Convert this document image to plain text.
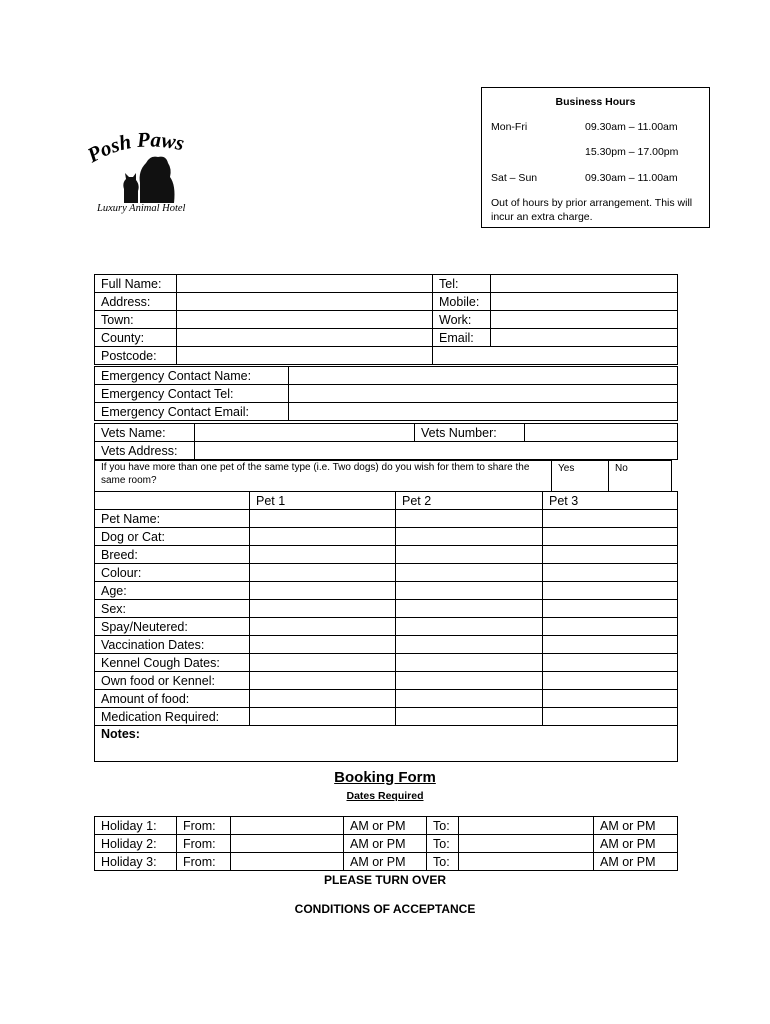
osh Paws
Luxury Animal Hotel
Business Hours
Mon-Fri	09.30am – 11.00am
15.30pm – 17.00pm
Sat – Sun	09.30am – 11.00am
Out of hours by prior arrangement. This will incur an extra charge.
Full Name:		Tel:	
Address:		Mobile:	
Town:		Work:	
County:		Email:	
Postcode:			
Emergency Contact Name:	
Emergency Contact Tel:	
Emergency Contact Email:	
Vets Name:		Vets Number:	
Vets Address:			
If you have more than one pet of the same type (i.e. Two dogs) do you wish for them to share the same room?	Yes	No
	Pet 1	Pet 2	Pet 3
Pet Name:			
Dog or Cat:			
Breed:			
Colour:			
Age:			
Sex:			
Spay/Neutered:			
Vaccination Dates:			
Kennel Cough Dates:			
Own food or Kennel:			
Amount of food:			
Medication Required:			
Notes:			
Booking Form
Dates Required
Holiday 1:	From:		AM or PM	To:		AM or PM
Holiday 2:	From:		AM or PM	To:		AM or PM
Holiday 3:	From:		AM or PM	To:		AM or PM
PLEASE TURN OVER
CONDITIONS OF ACCEPTANCE
